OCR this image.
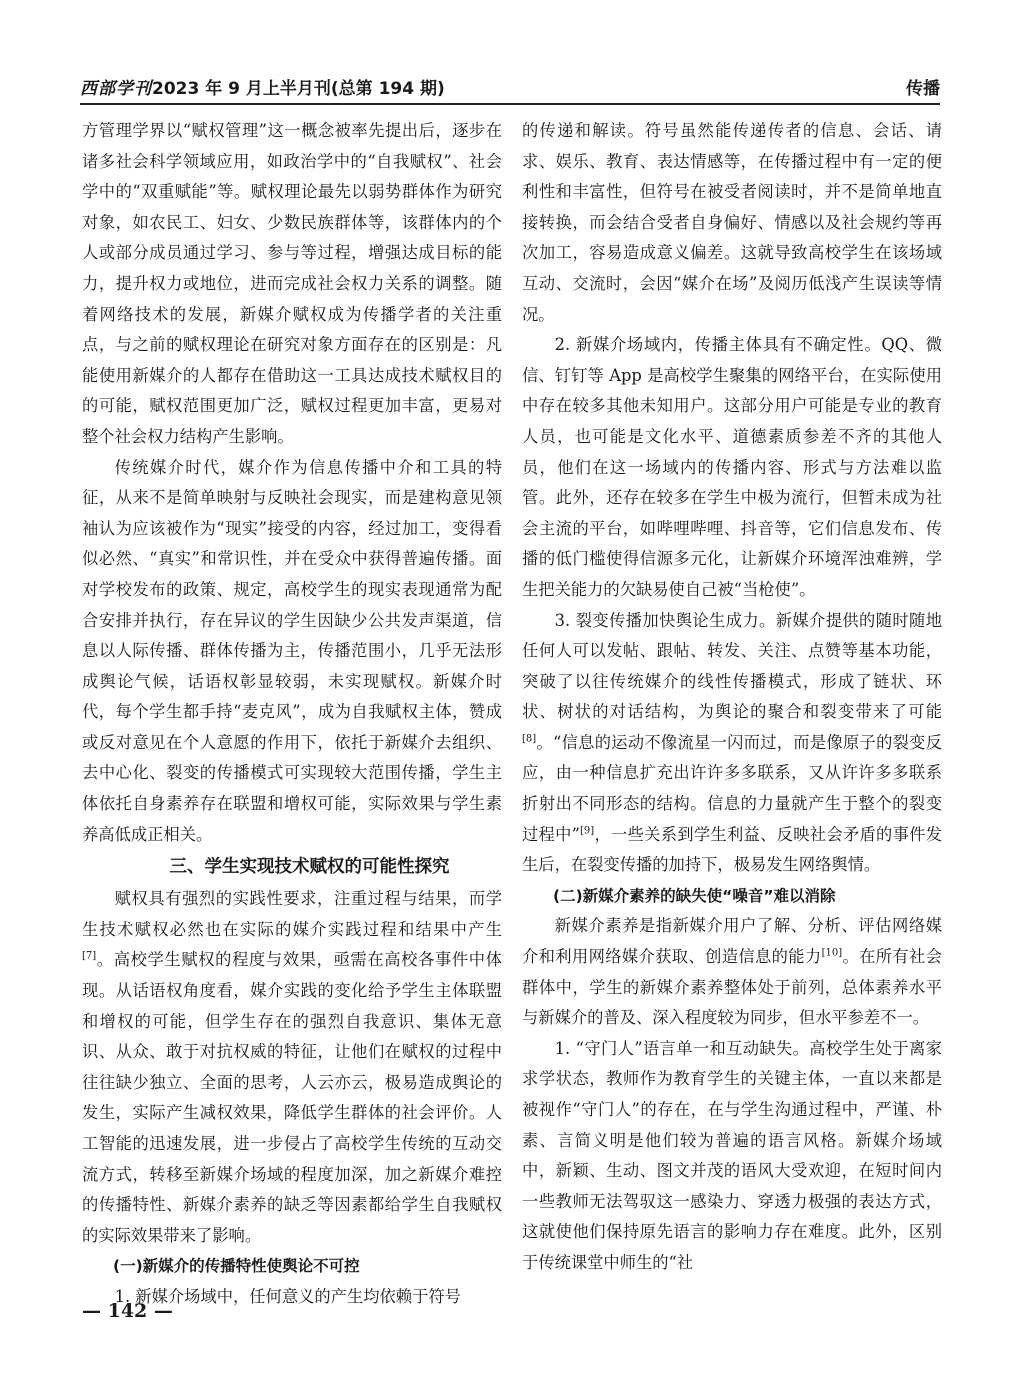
西部学刊2023 年 9 月上半月刊(总第 194 期)	传播

方管理学界以“赋权管理”这一概念被率先提出后，逐步在诸多社会科学领域应用，如政治学中的“自我赋权”、社会学中的“双重赋能”等。赋权理论最先以弱势群体作为研究对象，如农民工、妇女、少数民族群体等，该群体内的个人或部分成员通过学习、参与等过程，增强达成目标的能力，提升权力或地位，进而完成社会权力关系的调整。随着网络技术的发展，新媒介赋权成为传播学者的关注重点，与之前的赋权理论在研究对象方面存在的区别是：凡能使用新媒介的人都存在借助这一工具达成技术赋权目的的可能，赋权范围更加广泛，赋权过程更加丰富，更易对整个社会权力结构产生影响。

传统媒介时代，媒介作为信息传播中介和工具的特征，从来不是简单映射与反映社会现实，而是建构意见领袖认为应该被作为“现实”接受的内容，经过加工，变得看似必然、“真实”和常识性，并在受众中获得普遍传播。面对学校发布的政策、规定，高校学生的现实表现通常为配合安排并执行，存在异议的学生因缺少公共发声渠道，信息以人际传播、群体传播为主，传播范围小，几乎无法形成舆论气候，话语权彰显较弱，未实现赋权。新媒介时代，每个学生都手持“麦克风”，成为自我赋权主体，赞成或反对意见在个人意愿的作用下，依托于新媒介去组织、去中心化、裂变的传播模式可实现较大范围传播，学生主体依托自身素养存在联盟和增权可能，实际效果与学生素养高低成正相关。

三、学生实现技术赋权的可能性探究

赋权具有强烈的实践性要求，注重过程与结果，而学生技术赋权必然也在实际的媒介实践过程和结果中产生[7]。高校学生赋权的程度与效果，亟需在高校各事件中体现。从话语权角度看，媒介实践的变化给予学生主体联盟和增权的可能，但学生存在的强烈自我意识、集体无意识、从众、敢于对抗权威的特征，让他们在赋权的过程中往往缺少独立、全面的思考，人云亦云，极易造成舆论的发生，实际产生减权效果，降低学生群体的社会评价。人工智能的迅速发展，进一步侵占了高校学生传统的互动交流方式，转移至新媒介场域的程度加深，加之新媒介难控的传播特性、新媒介素养的缺乏等因素都给学生自我赋权的实际效果带来了影响。

(一)新媒介的传播特性使舆论不可控

1. 新媒介场域中，任何意义的产生均依赖于符号

的传递和解读。符号虽然能传递传者的信息、会话、请求、娱乐、教育、表达情感等，在传播过程中有一定的便利性和丰富性，但符号在被受者阅读时，并不是简单地直接转换，而会结合受者自身偏好、情感以及社会规约等再次加工，容易造成意义偏差。这就导致高校学生在该场域互动、交流时，会因“媒介在场”及阅历低浅产生误读等情况。

2. 新媒介场域内，传播主体具有不确定性。QQ、微信、钉钉等 App 是高校学生聚集的网络平台，在实际使用中存在较多其他未知用户。这部分用户可能是专业的教育人员，也可能是文化水平、道德素质参差不齐的其他人员，他们在这一场域内的传播内容、形式与方法难以监管。此外，还存在较多在学生中极为流行，但暂未成为社会主流的平台，如哔哩哔哩、抖音等，它们信息发布、传播的低门槛使得信源多元化，让新媒介环境浑浊难辨，学生把关能力的欠缺易使自己被“当枪使”。

3. 裂变传播加快舆论生成力。新媒介提供的随时随地任何人可以发帖、跟帖、转发、关注、点赞等基本功能，突破了以往传统媒介的线性传播模式，形成了链状、环状、树状的对话结构，为舆论的聚合和裂变带来了可能[8]。“信息的运动不像流星一闪而过，而是像原子的裂变反应，由一种信息扩充出许许多多联系，又从许许多多联系折射出不同形态的结构。信息的力量就产生于整个的裂变过程中”[9]，一些关系到学生利益、反映社会矛盾的事件发生后，在裂变传播的加持下，极易发生网络舆情。

(二)新媒介素养的缺失使“噪音”难以消除

新媒介素养是指新媒介用户了解、分析、评估网络媒介和利用网络媒介获取、创造信息的能力[10]。在所有社会群体中，学生的新媒介素养整体处于前列，总体素养水平与新媒介的普及、深入程度较为同步，但水平参差不一。

1. “守门人”语言单一和互动缺失。高校学生处于离家求学状态，教师作为教育学生的关键主体，一直以来都是被视作“守门人”的存在，在与学生沟通过程中，严谨、朴素、言简义明是他们较为普遍的语言风格。新媒介场域中，新颖、生动、图文并茂的语风大受欢迎，在短时间内一些教师无法驾驭这一感染力、穿透力极强的表达方式，这就使他们保持原先语言的影响力存在难度。此外，区别于传统课堂中师生的“社

— 142 —
